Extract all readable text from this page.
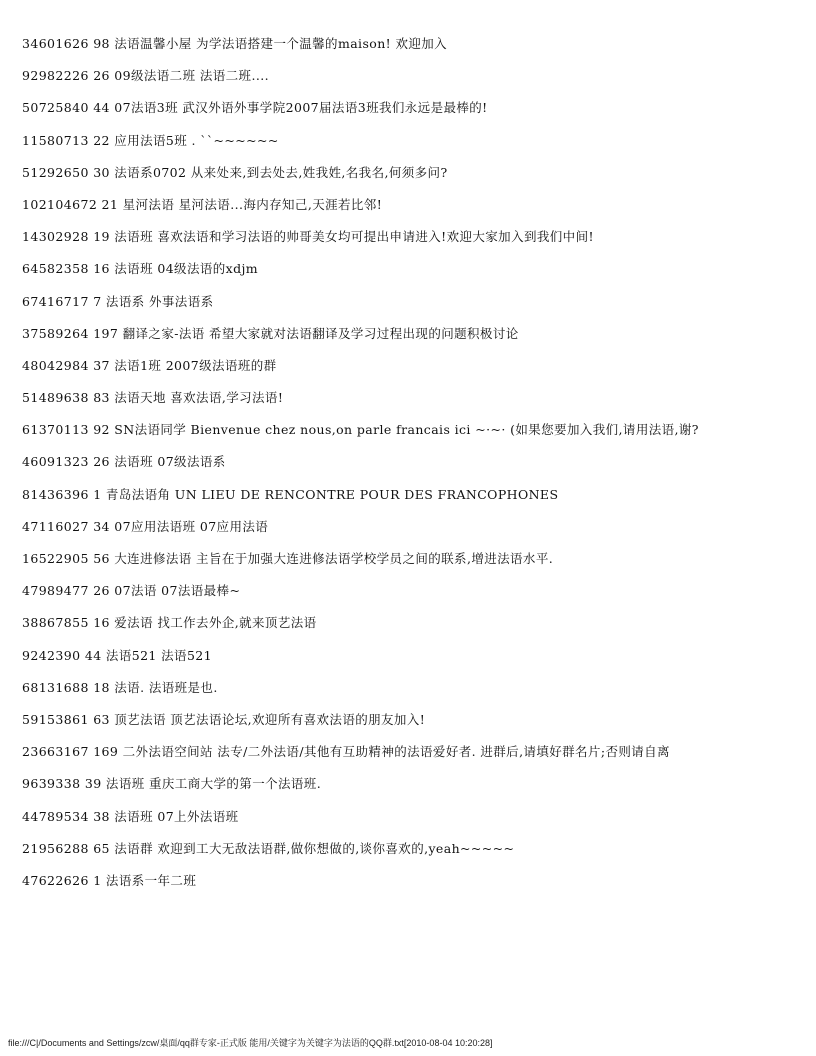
34601626 98 法语温馨小屋 为学法语搭建一个温馨的maison! 欢迎加入
92982226 26 09级法语二班 法语二班....
50725840 44 07法语3班 武汉外语外事学院2007届法语3班我们永远是最棒的!
11580713 22 应用法语5班 . ``~~~~~~
51292650 30 法语系0702 从来处来,到去处去,姓我姓,名我名,何须多问?
102104672 21 星河法语 星河法语...海内存知己,天涯若比邻!
14302928 19 法语班 喜欢法语和学习法语的帅哥美女均可提出申请进入!欢迎大家加入到我们中间!
64582358 16 法语班 04级法语的xdjm
67416717 7 法语系 外事法语系
37589264 197 翻译之家-法语 希望大家就对法语翻译及学习过程出现的问题积极讨论
48042984 37 法语1班 2007级法语班的群
51489638 83 法语天地 喜欢法语,学习法语!
61370113 92 SN法语同学 Bienvenue chez nous,on parle francais ici ~·~· (如果您要加入我们,请用法语,谢?
46091323 26 法语班 07级法语系
81436396 1 青岛法语角 UN LIEU DE RENCONTRE POUR DES FRANCOPHONES
47116027 34 07应用法语班 07应用法语
16522905 56 大连进修法语 主旨在于加强大连进修法语学校学员之间的联系,增进法语水平.
47989477 26 07法语 07法语最棒~
38867855 16 爱法语 找工作去外企,就来顶艺法语
9242390 44 法语521 法语521
68131688 18 法语. 法语班是也.
59153861 63 顶艺法语 顶艺法语论坛,欢迎所有喜欢法语的朋友加入!
23663167 169 二外法语空间站 法专/二外法语/其他有互助精神的法语爱好者. 进群后,请填好群名片;否则请自离
9639338 39 法语班 重庆工商大学的第一个法语班.
44789534 38 法语班 07上外法语班
21956288 65 法语群 欢迎到工大无敌法语群,做你想做的,谈你喜欢的,yeah~~~~~
47622626 1 法语系一年二班
file:///C|/Documents and Settings/zcw/桌面/qq群专家-正式版 能用/关键字为关键字为法语的QQ群.txt[2010-08-04 10:20:28]
